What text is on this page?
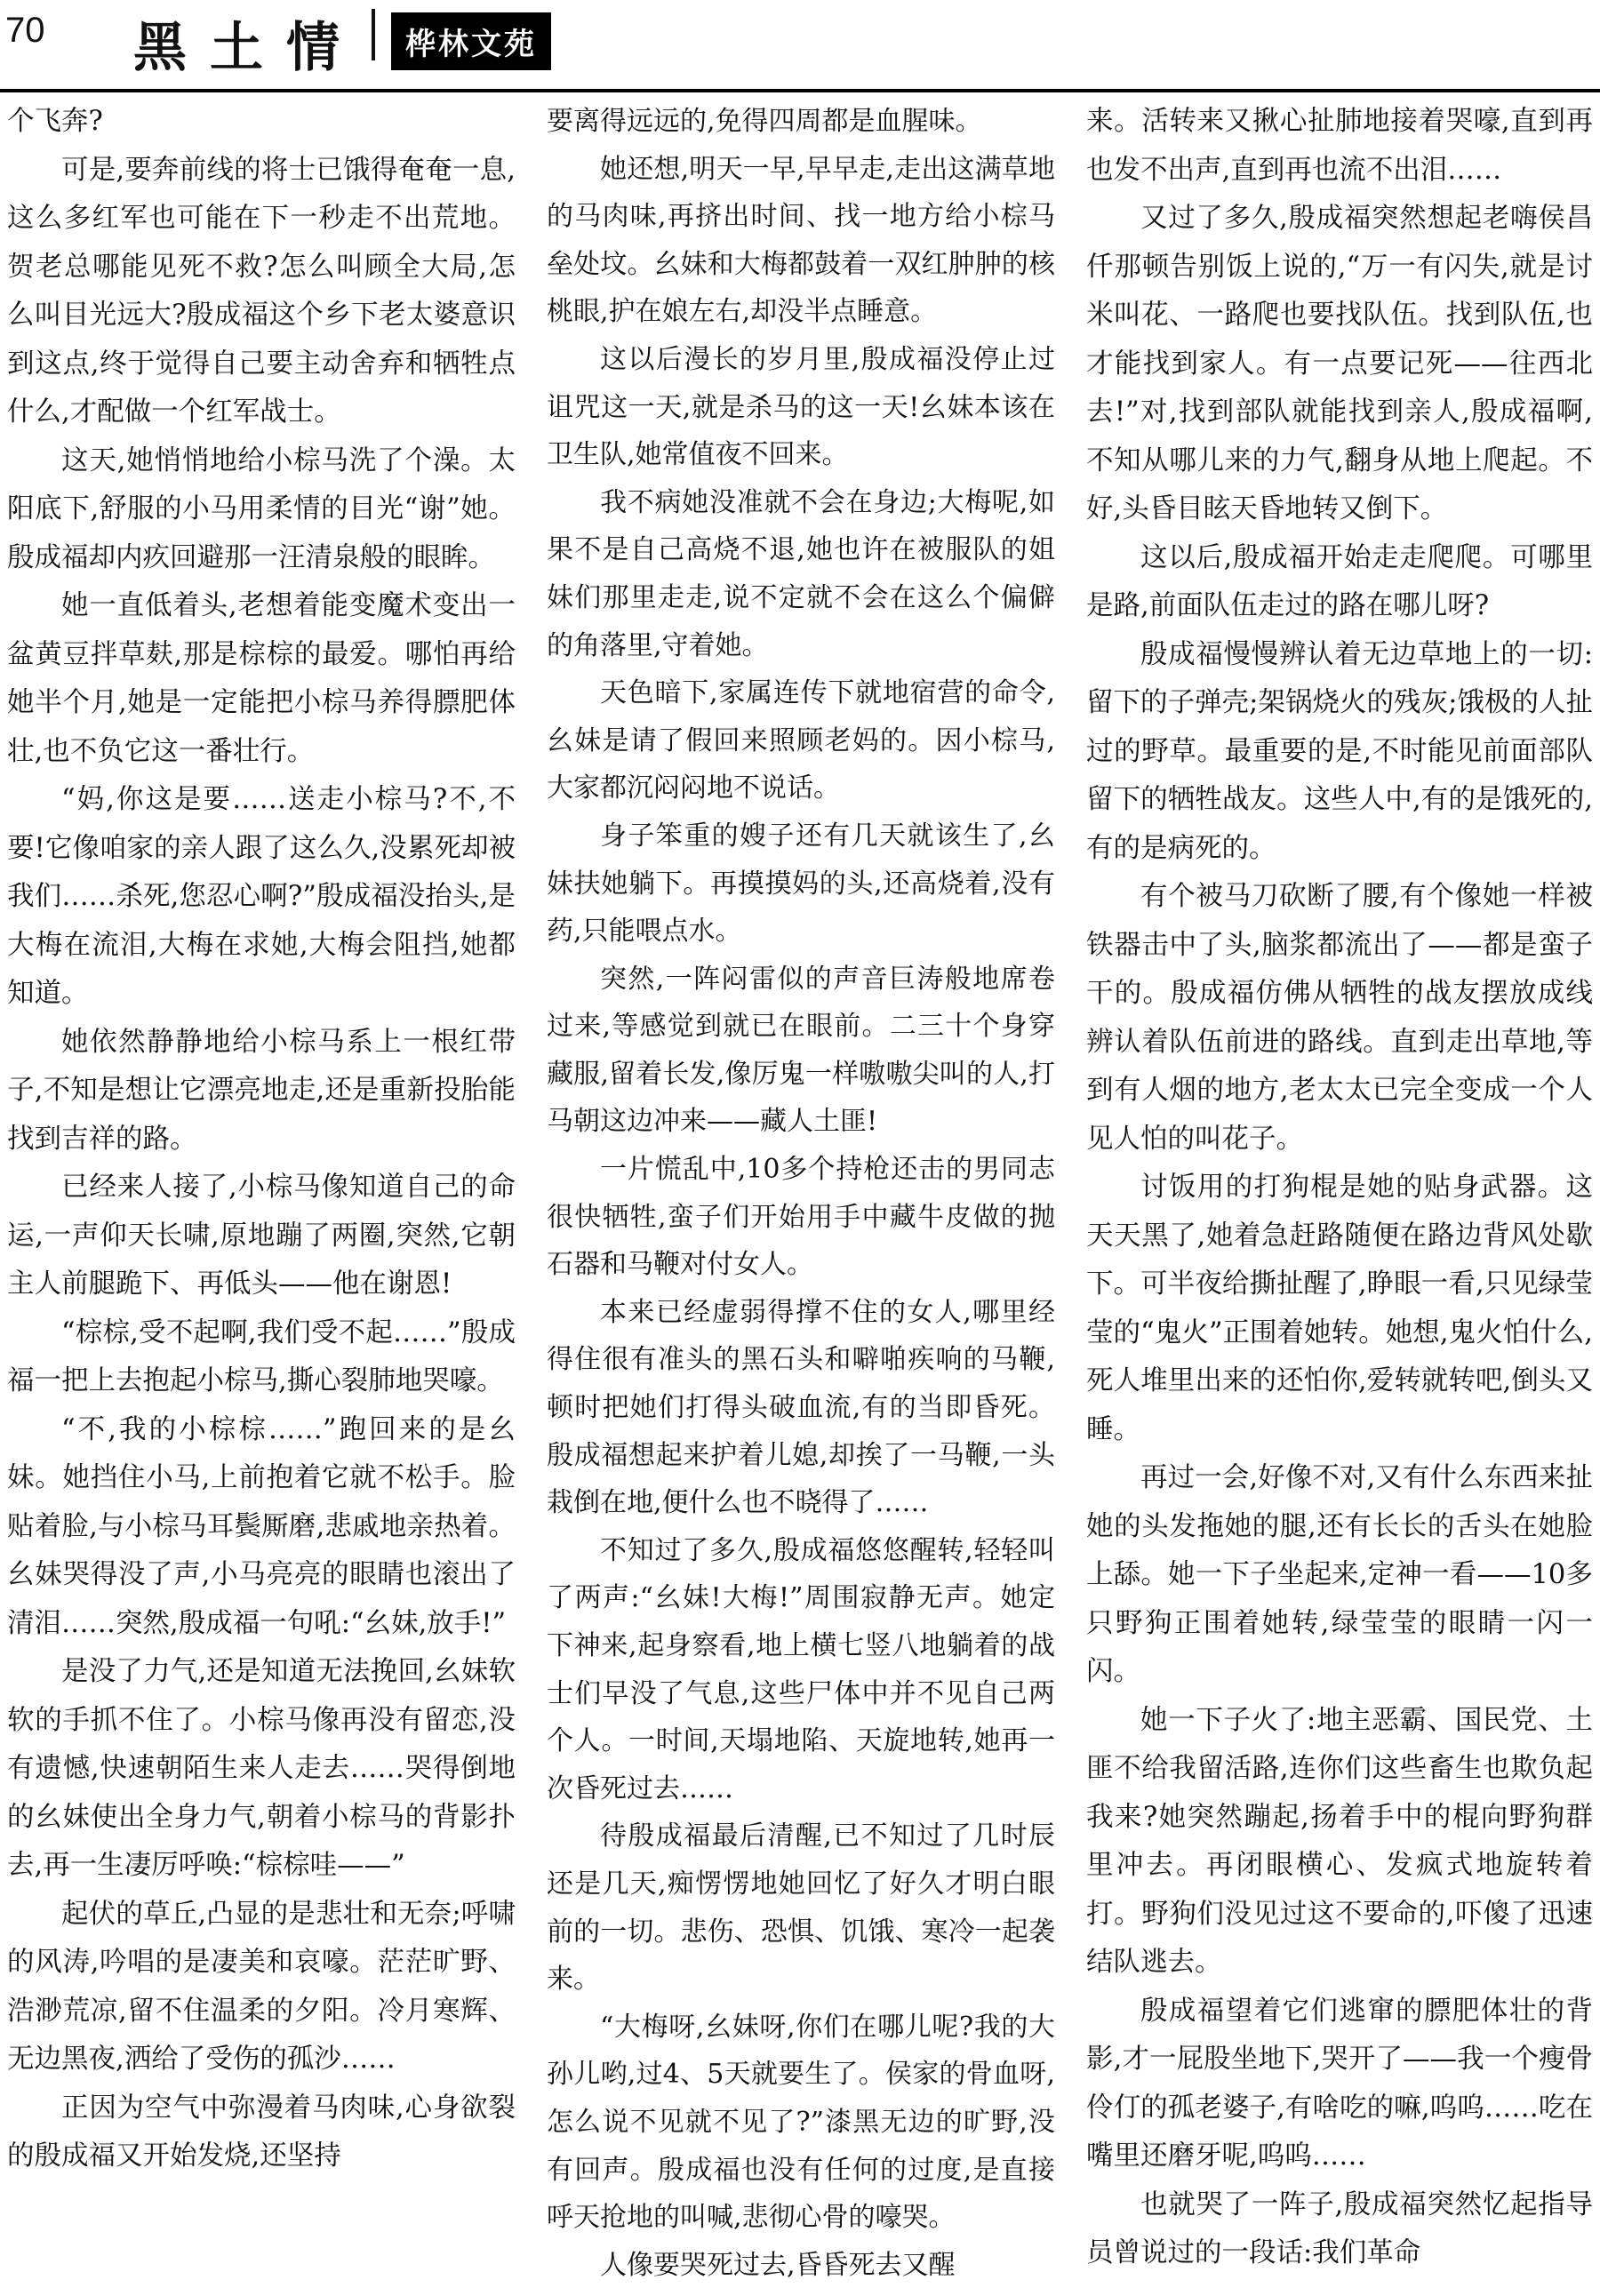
70 黑土情	桦林文苑

个飞奔?

可是,要奔前线的将士已饿得奄奄一息,这么多红军也可能在下一秒走不出荒地。贺老总哪能见死不救?怎么叫顾全大局,怎么叫目光远大?殷成福这个乡下老太婆意识到这点,终于觉得自己要主动舍弃和牺牲点什么,才配做一个红军战士。

这天,她悄悄地给小棕马洗了个澡。太阳底下,舒服的小马用柔情的目光“谢”她。殷成福却内疚回避那一汪清泉般的眼眸。

她一直低着头,老想着能变魔术变出一盆黄豆拌草麸,那是棕棕的最爱。哪怕再给她半个月,她是一定能把小棕马养得膘肥体壮,也不负它这一番壮行。

“妈,你这是要……送走小棕马?不,不要!它像咱家的亲人跟了这么久,没累死却被我们……杀死,您忍心啊?”殷成福没抬头,是大梅在流泪,大梅在求她,大梅会阻挡,她都知道。

她依然静静地给小棕马系上一根红带子,不知是想让它漂亮地走,还是重新投胎能找到吉祥的路。

已经来人接了,小棕马像知道自己的命运,一声仰天长啸,原地蹦了两圈,突然,它朝主人前腿跪下、再低头——他在谢恩!

“棕棕,受不起啊,我们受不起……”殷成福一把上去抱起小棕马,撕心裂肺地哭嚎。

“不,我的小棕棕……”跑回来的是幺妹。她挡住小马,上前抱着它就不松手。脸贴着脸,与小棕马耳鬓厮磨,悲戚地亲热着。幺妹哭得没了声,小马亮亮的眼睛也滚出了清泪……突然,殷成福一句吼:“幺妹,放手!”

是没了力气,还是知道无法挽回,幺妹软软的手抓不住了。小棕马像再没有留恋,没有遗憾,快速朝陌生来人走去……哭得倒地的幺妹使出全身力气,朝着小棕马的背影扑去,再一生凄厉呼唤:“棕棕哇——”

起伏的草丘,凸显的是悲壮和无奈;呼啸的风涛,吟唱的是凄美和哀嚎。茫茫旷野、浩渺荒凉,留不住温柔的夕阳。冷月寒辉、无边黑夜,洒给了受伤的孤沙……

正因为空气中弥漫着马肉味,心身欲裂的殷成福又开始发烧,还坚持

要离得远远的,免得四周都是血腥味。

她还想,明天一早,早早走,走出这满草地的马肉味,再挤出时间、找一地方给小棕马垒处坟。幺妹和大梅都鼓着一双红肿肿的核桃眼,护在娘左右,却没半点睡意。

这以后漫长的岁月里,殷成福没停止过诅咒这一天,就是杀马的这一天!幺妹本该在卫生队,她常值夜不回来。

我不病她没准就不会在身边;大梅呢,如果不是自己高烧不退,她也许在被服队的姐妹们那里走走,说不定就不会在这么个偏僻的角落里,守着她。

天色暗下,家属连传下就地宿营的命令,幺妹是请了假回来照顾老妈的。因小棕马,大家都沉闷闷地不说话。

身子笨重的嫂子还有几天就该生了,幺妹扶她躺下。再摸摸妈的头,还高烧着,没有药,只能喂点水。

突然,一阵闷雷似的声音巨涛般地席卷过来,等感觉到就已在眼前。二三十个身穿藏服,留着长发,像厉鬼一样嗷嗷尖叫的人,打马朝这边冲来——藏人土匪!

一片慌乱中,10多个持枪还击的男同志很快牺牲,蛮子们开始用手中藏牛皮做的抛石器和马鞭对付女人。

本来已经虚弱得撑不住的女人,哪里经得住很有准头的黑石头和噼啪疾响的马鞭,顿时把她们打得头破血流,有的当即昏死。殷成福想起来护着儿媳,却挨了一马鞭,一头栽倒在地,便什么也不晓得了……

不知过了多久,殷成福悠悠醒转,轻轻叫了两声:“幺妹!大梅!”周围寂静无声。她定下神来,起身察看,地上横七竖八地躺着的战士们早没了气息,这些尸体中并不见自己两个人。一时间,天塌地陷、天旋地转,她再一次昏死过去……

待殷成福最后清醒,已不知过了几时辰还是几天,痴愣愣地她回忆了好久才明白眼前的一切。悲伤、恐惧、饥饿、寒冷一起袭来。

“大梅呀,幺妹呀,你们在哪儿呢?我的大孙儿哟,过4、5天就要生了。侯家的骨血呀,怎么说不见就不见了?”漆黑无边的旷野,没有回声。殷成福也没有任何的过度,是直接呼天抢地的叫喊,悲彻心骨的嚎哭。

人像要哭死过去,昏昏死去又醒

来。活转来又揪心扯肺地接着哭嚎,直到再也发不出声,直到再也流不出泪……

又过了多久,殷成福突然想起老嗨侯昌仟那顿告别饭上说的,“万一有闪失,就是讨米叫花、一路爬也要找队伍。找到队伍,也才能找到家人。有一点要记死——往西北去!”对,找到部队就能找到亲人,殷成福啊,不知从哪儿来的力气,翻身从地上爬起。不好,头昏目眩天昏地转又倒下。

这以后,殷成福开始走走爬爬。可哪里是路,前面队伍走过的路在哪儿呀?

殷成福慢慢辨认着无边草地上的一切:留下的子弹壳;架锅烧火的残灰;饿极的人扯过的野草。最重要的是,不时能见前面部队留下的牺牲战友。这些人中,有的是饿死的,有的是病死的。

有个被马刀砍断了腰,有个像她一样被铁器击中了头,脑浆都流出了——都是蛮子干的。殷成福仿佛从牺牲的战友摆放成线辨认着队伍前进的路线。直到走出草地,等到有人烟的地方,老太太已完全变成一个人见人怕的叫花子。

讨饭用的打狗棍是她的贴身武器。这天天黑了,她着急赶路随便在路边背风处歇下。可半夜给撕扯醒了,睁眼一看,只见绿莹莹的“鬼火”正围着她转。她想,鬼火怕什么,死人堆里出来的还怕你,爱转就转吧,倒头又睡。

再过一会,好像不对,又有什么东西来扯她的头发拖她的腿,还有长长的舌头在她脸上舔。她一下子坐起来,定神一看——10多只野狗正围着她转,绿莹莹的眼睛一闪一闪。

她一下子火了:地主恶霸、国民党、土匪不给我留活路,连你们这些畜生也欺负起我来?她突然蹦起,扬着手中的棍向野狗群里冲去。再闭眼横心、发疯式地旋转着打。野狗们没见过这不要命的,吓傻了迅速结队逃去。

殷成福望着它们逃窜的膘肥体壮的背影,才一屁股坐地下,哭开了——我一个瘦骨伶仃的孤老婆子,有啥吃的嘛,呜呜……吃在嘴里还磨牙呢,呜呜……

也就哭了一阵子,殷成福突然忆起指导员曾说过的一段话:我们革命
